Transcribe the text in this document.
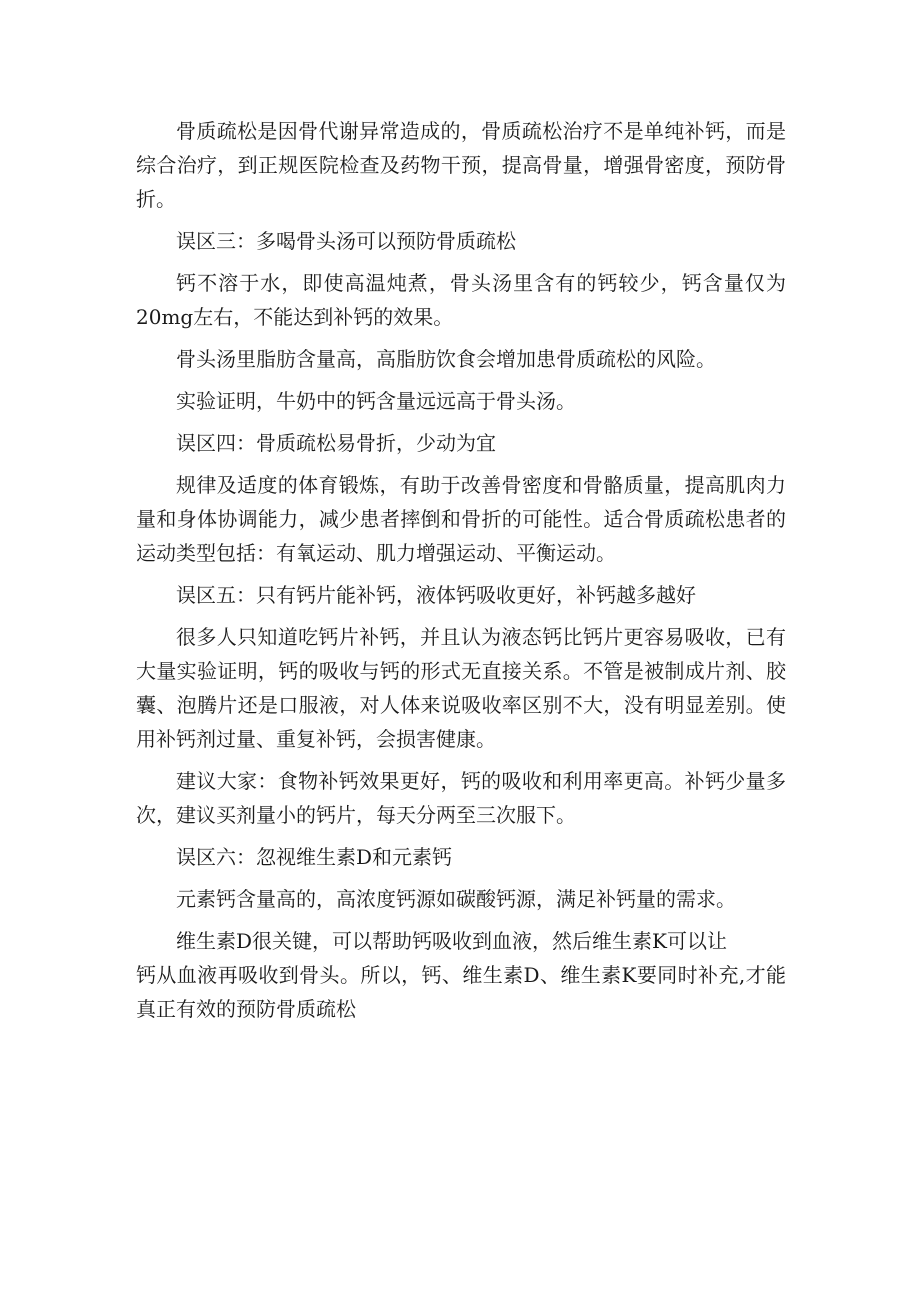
骨质疏松是因骨代谢异常造成的，骨质疏松治疗不是单纯补钙，而是综合治疗，到正规医院检查及药物干预，提高骨量，增强骨密度，预防骨折。

误区三：多喝骨头汤可以预防骨质疏松

钙不溶于水，即使高温炖煮，骨头汤里含有的钙较少，钙含量仅为20mg左右，不能达到补钙的效果。

骨头汤里脂肪含量高，高脂肪饮食会增加患骨质疏松的风险。

实验证明，牛奶中的钙含量远远高于骨头汤。

误区四：骨质疏松易骨折，少动为宜

规律及适度的体育锻炼，有助于改善骨密度和骨骼质量，提高肌肉力量和身体协调能力，减少患者摔倒和骨折的可能性。适合骨质疏松患者的运动类型包括：有氧运动、肌力增强运动、平衡运动。

误区五：只有钙片能补钙，液体钙吸收更好，补钙越多越好

很多人只知道吃钙片补钙，并且认为液态钙比钙片更容易吸收，已有大量实验证明，钙的吸收与钙的形式无直接关系。不管是被制成片剂、胶囊、泡腾片还是口服液，对人体来说吸收率区别不大，没有明显差别。使用补钙剂过量、重复补钙，会损害健康。

建议大家：食物补钙效果更好，钙的吸收和利用率更高。补钙少量多次，建议买剂量小的钙片，每天分两至三次服下。

误区六：忽视维生素D和元素钙

元素钙含量高的，高浓度钙源如碳酸钙源，满足补钙量的需求。

维生素D很关键，可以帮助钙吸收到血液，然后维生素K可以让

钙从血液再吸收到骨头。所以，钙、维生素D、维生素K要同时补充,才能真正有效的预防骨质疏松
